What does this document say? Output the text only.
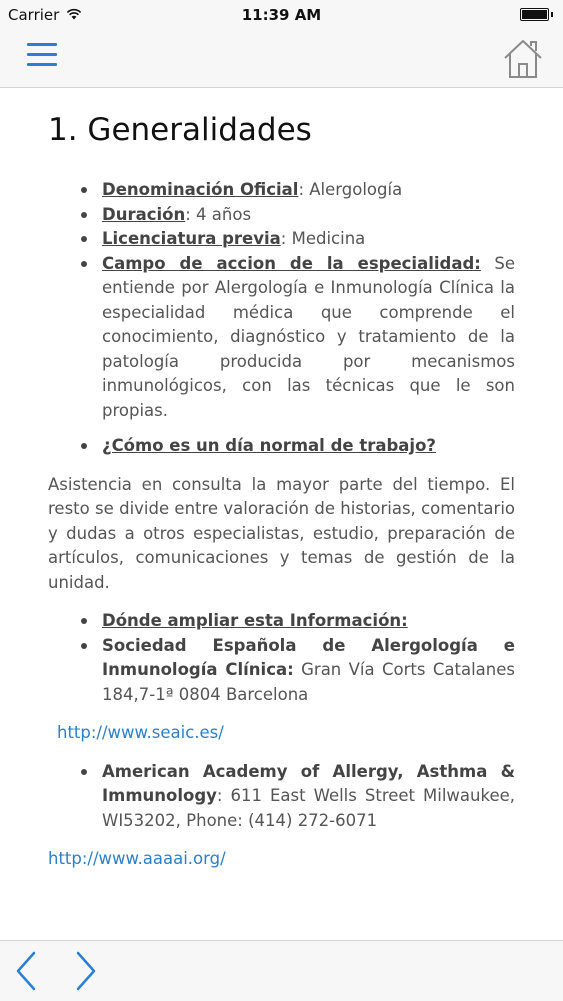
Carrier	11:39 AM
1. Generalidades
Denominación Oficial: Alergología
Duración: 4 años
Licenciatura previa: Medicina
Campo de accion de la especialidad: Se entiende por Alergología e Inmunología Clínica la especialidad médica que comprende el conocimiento, diagnóstico y tratamiento de la patología producida por mecanismos inmunológicos, con las técnicas que le son propias.
¿Cómo es un día normal de trabajo?

Asistencia en consulta la mayor parte del tiempo. El resto se divide entre valoración de historias, comentario y dudas a otros especialistas, estudio, preparación de artículos, comunicaciones y temas de gestión de la unidad.

Dónde ampliar esta Información:
Sociedad Española de Alergología e Inmunología Clínica: Gran Vía Corts Catalanes 184,7-1ª 0804 Barcelona
http://www.seaic.es/
American Academy of Allergy, Asthma & Immunology: 611 East Wells Street Milwaukee, WI53202, Phone: (414) 272-6071
http://www.aaaai.org/
